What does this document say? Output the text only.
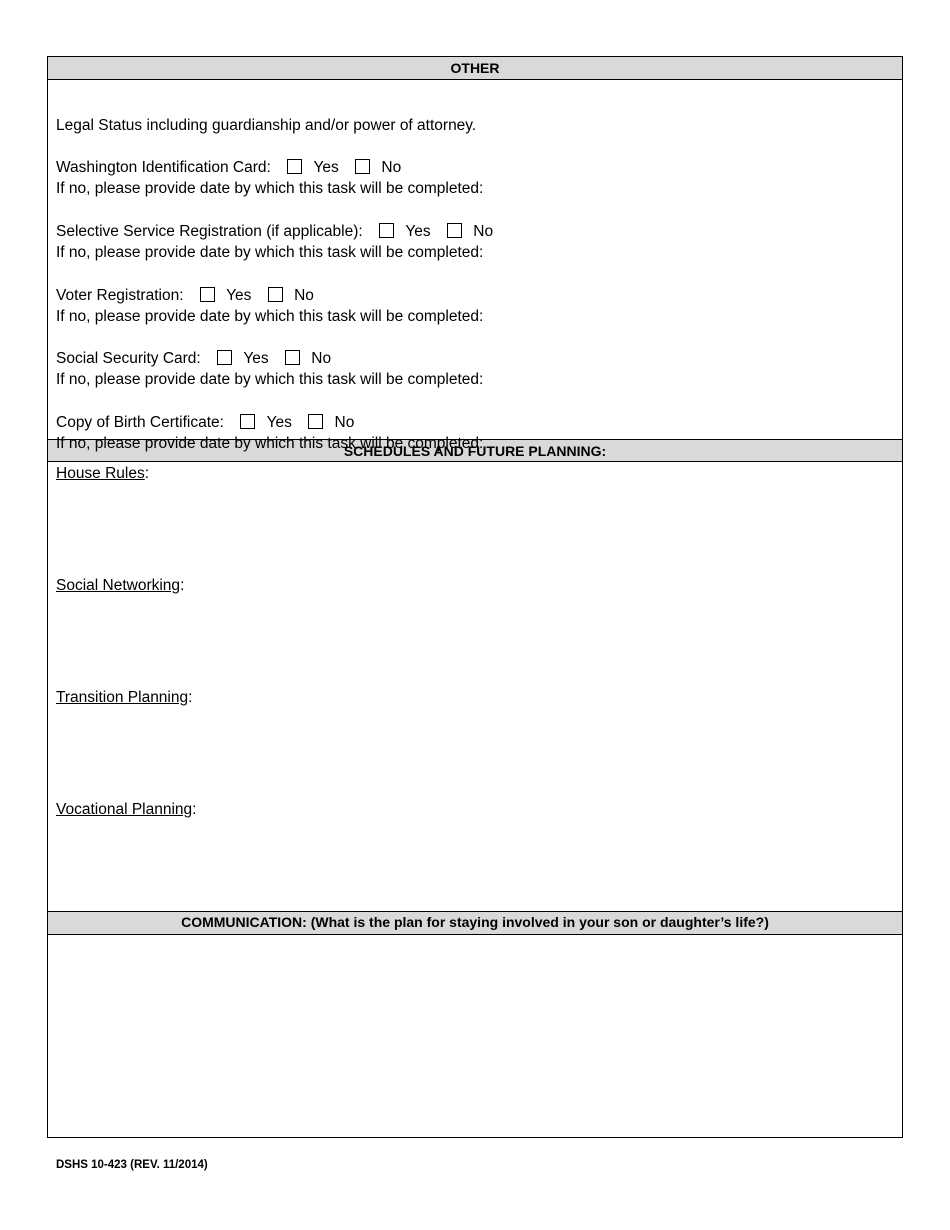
OTHER
Legal Status including guardianship and/or power of attorney.
Washington Identification Card:	Yes	No
If no, please provide date by which this task will be completed:
Selective Service Registration (if applicable):	Yes	No
If no, please provide date by which this task will be completed:
Voter Registration:	Yes	No
If no, please provide date by which this task will be completed:
Social Security Card:	Yes	No
If no, please provide date by which this task will be completed:
Copy of Birth Certificate:	Yes	No
If no, please provide date by which this task will be completed:
SCHEDULES AND FUTURE PLANNING:
House Rules:
Social Networking:
Transition Planning:
Vocational Planning:
COMMUNICATION: (What is the plan for staying involved in your son or daughter’s life?)
DSHS 10-423 (REV. 11/2014)
